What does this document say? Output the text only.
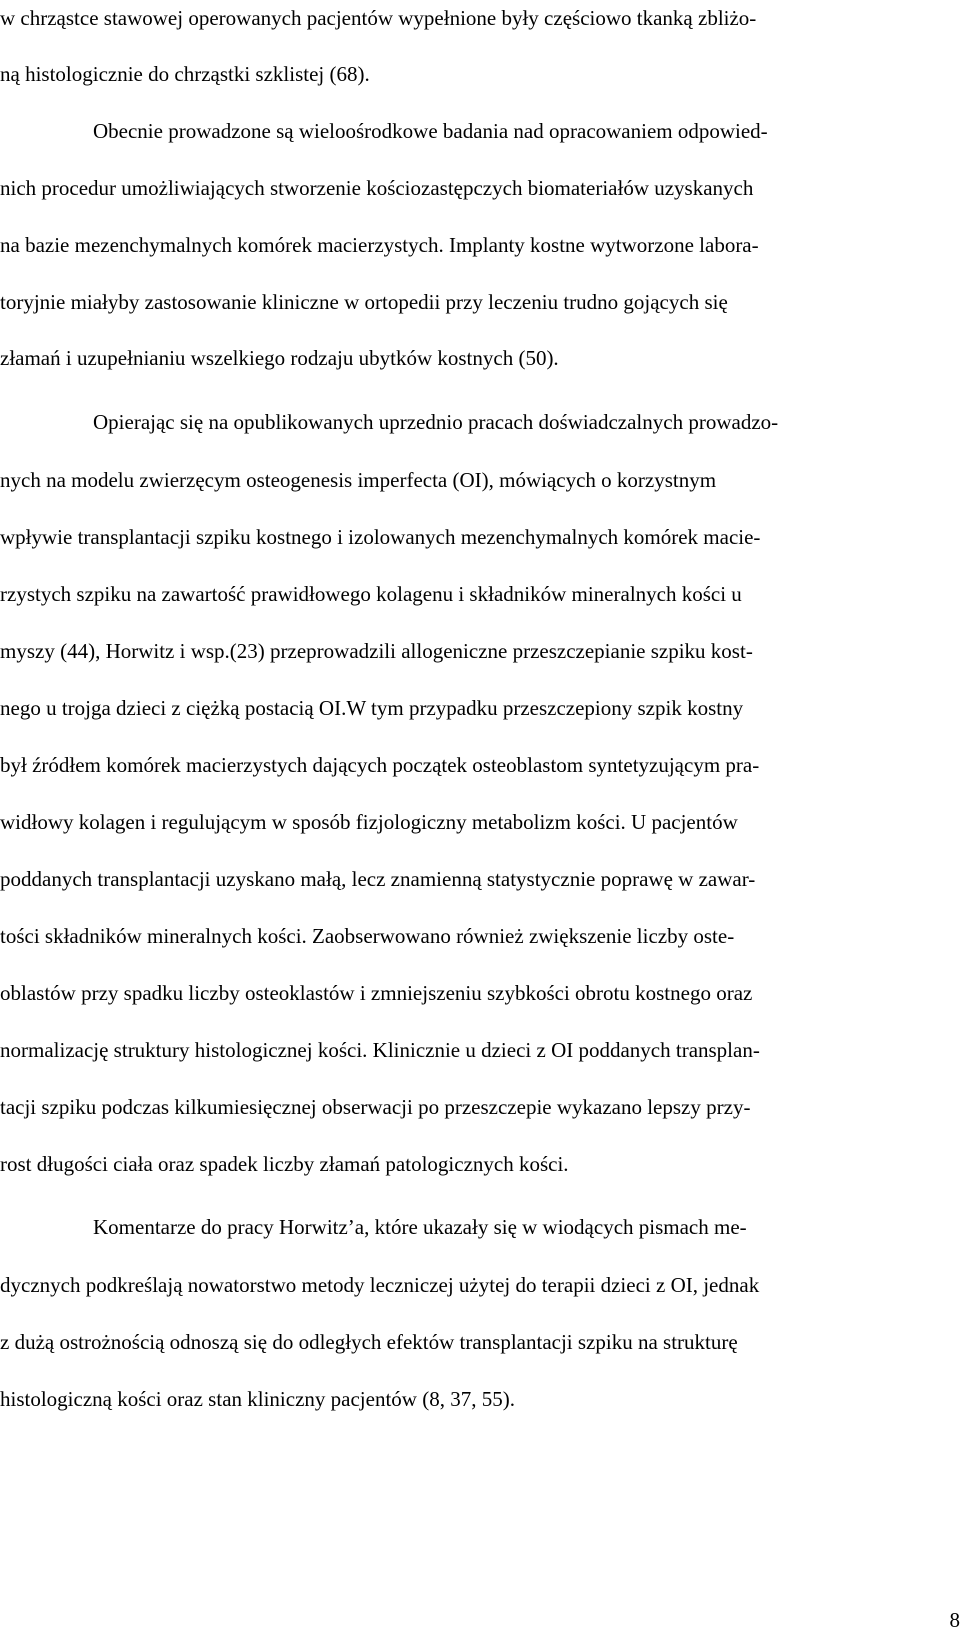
w chrząstce stawowej operowanych pacjentów wypełnione były częściowo tkanką zbliżo-
ną histologicznie do chrząstki szklistej (68).
Obecnie prowadzone są wieloośrodkowe badania nad opracowaniem odpowied-
nich procedur umożliwiających stworzenie kościozastępczych biomateriałów uzyskanych
na bazie mezenchymalnych komórek macierzystych. Implanty kostne wytworzone labora-
toryjnie miałyby zastosowanie kliniczne w ortopedii przy leczeniu trudno gojących się
złamań i uzupełnianiu wszelkiego rodzaju ubytków kostnych (50).
Opierając się na opublikowanych uprzednio pracach doświadczalnych prowadzo-
nych na modelu zwierzęcym osteogenesis imperfecta (OI), mówiących o korzystnym
wpływie transplantacji szpiku kostnego i izolowanych mezenchymalnych komórek macie-
rzystych szpiku na zawartość prawidłowego kolagenu i składników mineralnych kości u
myszy (44), Horwitz i wsp.(23) przeprowadzili allogeniczne przeszczepianie szpiku kost-
nego u trojga dzieci z ciężką postacią OI.W tym przypadku przeszczepiony szpik kostny
był źródłem komórek macierzystych dających początek osteoblastom syntetyzującym pra-
widłowy kolagen i regulującym w sposób fizjologiczny metabolizm kości. U pacjentów
poddanych transplantacji uzyskano małą, lecz znamienną statystycznie poprawę w zawar-
tości składników mineralnych kości. Zaobserwowano również zwiększenie liczby oste-
oblastów przy spadku liczby osteoklastów i zmniejszeniu szybkości obrotu kostnego oraz
normalizację struktury histologicznej kości. Klinicznie u dzieci z OI poddanych transplan-
tacji szpiku podczas kilkumiesięcznej obserwacji po przeszczepie wykazano lepszy przy-
rost długości ciała oraz spadek liczby złamań patologicznych kości.
Komentarze do pracy Horwitz’a, które ukazały się w wiodących pismach me-
dycznych podkreślają nowatorstwo metody leczniczej użytej do terapii dzieci z OI, jednak
z dużą ostrożnością odnoszą się do odległych efektów transplantacji szpiku na strukturę
histologiczną kości oraz stan kliniczny pacjentów (8, 37, 55).
8
